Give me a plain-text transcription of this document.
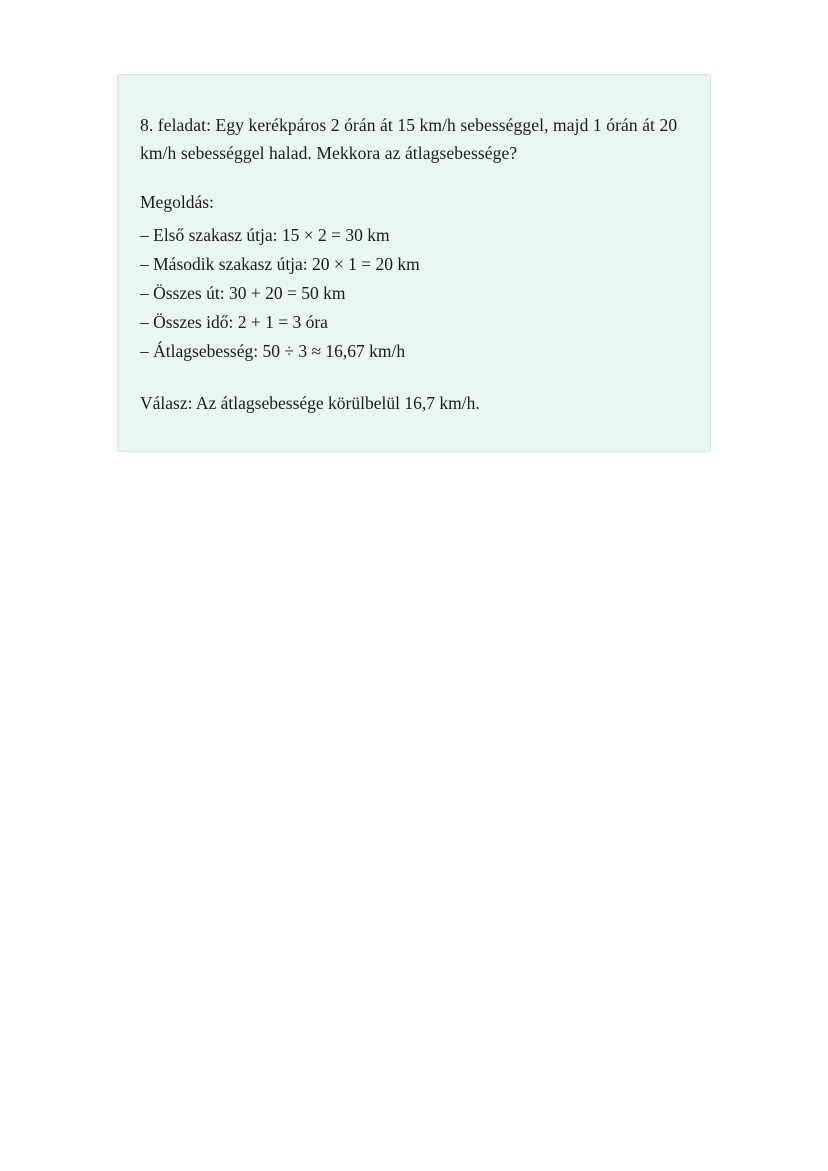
8. feladat: Egy kerékpáros 2 órán át 15 km/h sebességgel, majd 1 órán át 20 km/h sebességgel halad. Mekkora az átlagsebessége?

Megoldás:

– Első szakasz útja: 15 × 2 = 30 km
– Második szakasz útja: 20 × 1 = 20 km
– Összes út: 30 + 20 = 50 km
– Összes idő: 2 + 1 = 3 óra
– Átlagsebesség: 50 ÷ 3 ≈ 16,67 km/h

Válasz: Az átlagsebessége körülbelül 16,7 km/h.
